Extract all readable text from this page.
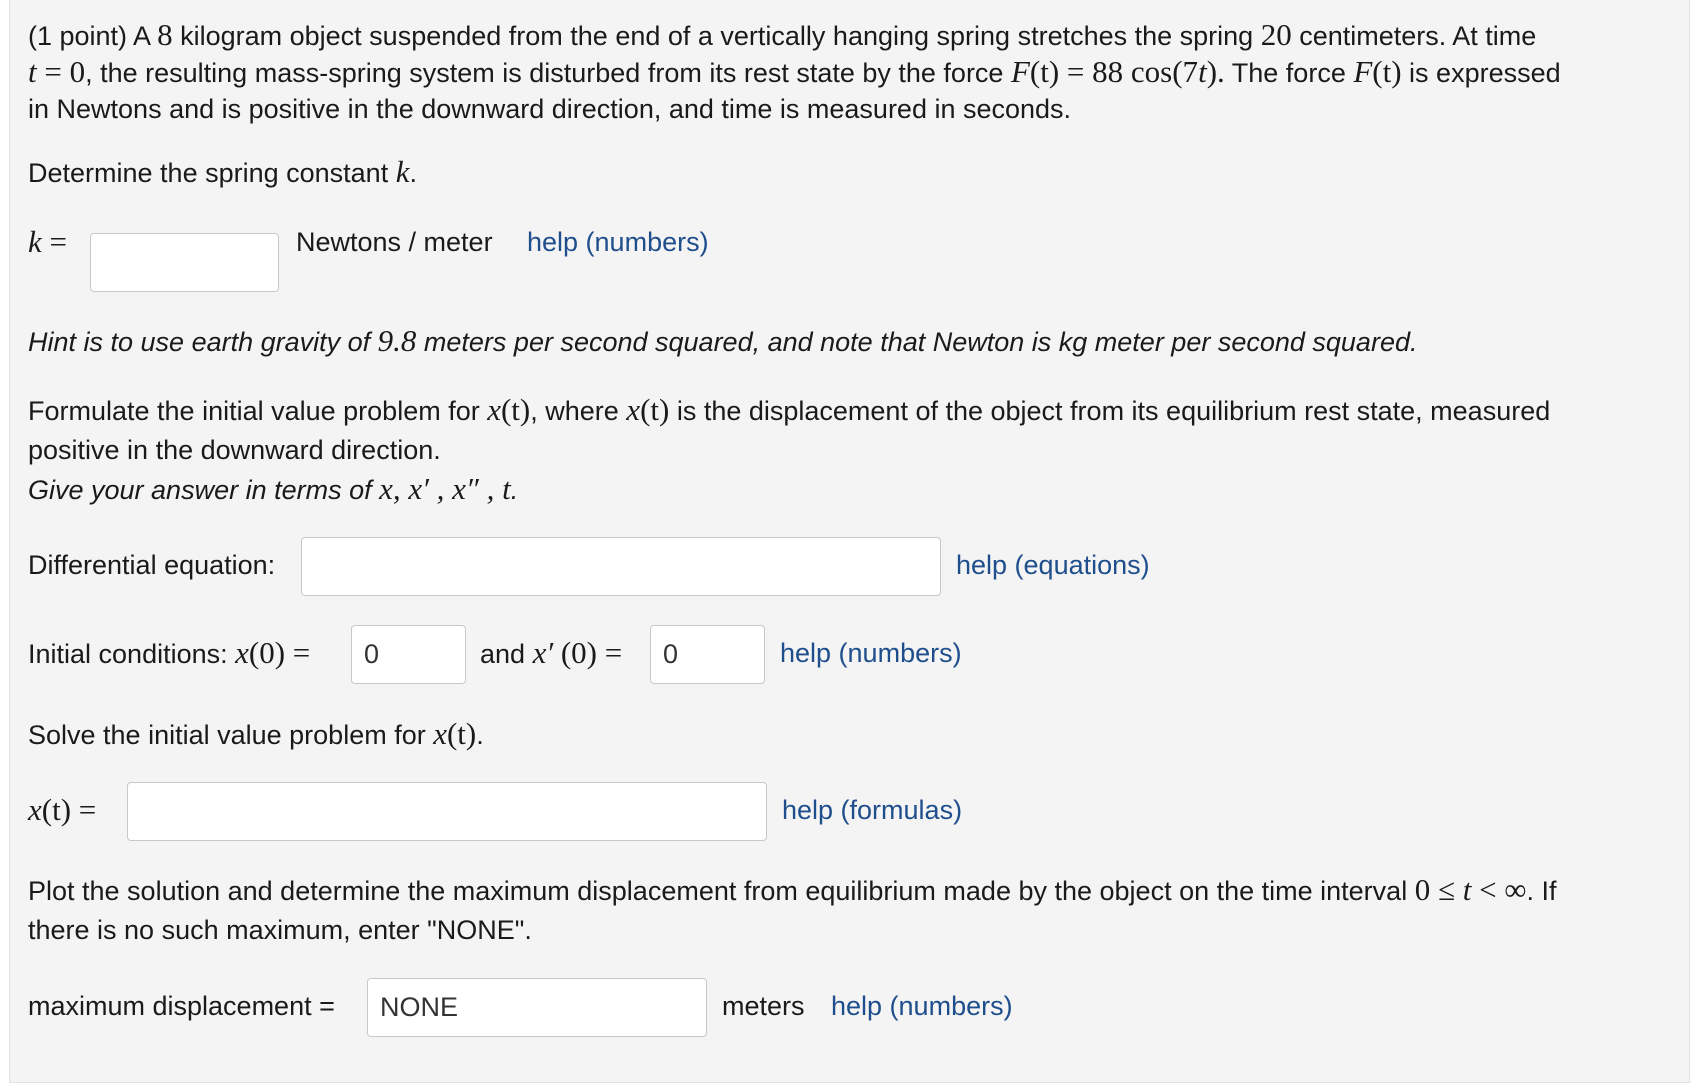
(1 point) A 8 kilogram object suspended from the end of a vertically hanging spring stretches the spring 20 centimeters. At time
t = 0, the resulting mass-spring system is disturbed from its rest state by the force F(t) = 88 cos(7t). The force F(t) is expressed
in Newtons and is positive in the downward direction, and time is measured in seconds.
Determine the spring constant k.
k =	Newtons / meter help (numbers)
Hint is to use earth gravity of 9.8 meters per second squared, and note that Newton is kg meter per second squared.
Formulate the initial value problem for x(t), where x(t) is the displacement of the object from its equilibrium rest state, measured
positive in the downward direction.
Give your answer in terms of x, x′ , x″ , t.
Differential equation:	help (equations)
Initial conditions: x(0) =
0	and x′ (0) =
0	help (numbers)
Solve the initial value problem for x(t).
x(t) =	help (formulas)
Plot the solution and determine the maximum displacement from equilibrium made by the object on the time interval 0 ≤ t < ∞. If
there is no such maximum, enter "NONE".
maximum displacement =
NONE	meters help (numbers)
